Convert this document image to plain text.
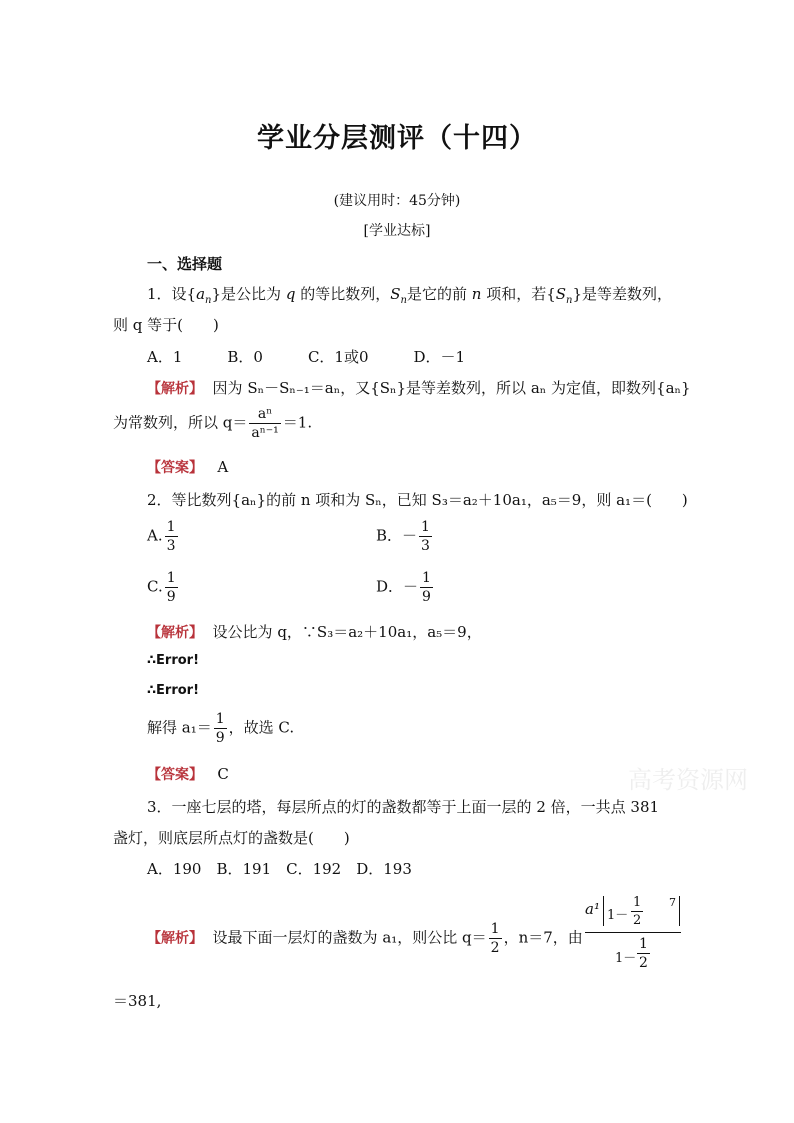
学业分层测评（十四）
(建议用时：45分钟)
[学业达标]
一、选择题
1．设$\{a_n\}$是公比为 q 的等比数列，$S_n$是它的前 n 项和，若$\{S_n\}$是等差数列，
则 q 等于(　　)
A．1　　　B．0　　　C．1或0　　　D．－1
【解析】 因为 Sₙ－Sₙ₋₁＝aₙ，又{Sₙ}是等差数列，所以 aₙ 为定值，即数列{aₙ}
为常数列，所以 $q= \frac{\text{aⁿ}}{\text{aⁿ⁻¹}} =1$.
【答案】 A
2．等比数列{aₙ}的前 n 项和为 Sₙ，已知 S₃＝a₂＋10a₁，a₅＝9，则 a₁＝(　　)
A. $\frac{1}{3}$	B．－ $\frac{1}{3}$
C. $\frac{1}{9}$	D．－ $\frac{1}{9}$
【解析】 设公比为 q，∵S₃＝a₂＋10a₁，a₅＝9，
∴Error!
∴Error!
解得 $a_1= \frac{1}{9}$ ，故选 C.
【答案】 C	高考资源网
3．一座七层的塔，每层所点的灯的盏数都等于上面一层的 2 倍，一共点 381
盏灯，则底层所点灯的盏数是(　　)
A．190　B．191　C．192　D．193
【解析】 设最下面一层灯的盏数为 a₁，则公比 $q= \frac{1}{2}$ ，n＝7，由 $\frac{a^1 1- \frac{1}{2} 7}{1- \frac{1}{2}}$
＝381,
